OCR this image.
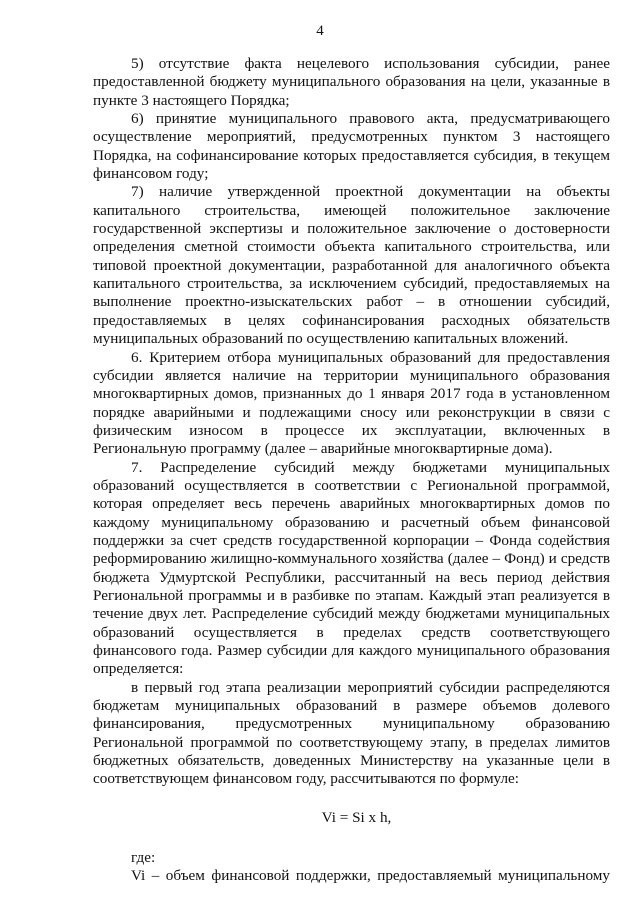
4

5) отсутствие факта нецелевого использования субсидии, ранее предоставленной бюджету муниципального образования на цели, указанные в пункте 3 настоящего Порядка;

6) принятие муниципального правового акта, предусматривающего осуществление мероприятий, предусмотренных пунктом 3 настоящего Порядка, на софинансирование которых предоставляется субсидия, в текущем финансовом году;

7) наличие утвержденной проектной документации на объекты капитального строительства, имеющей положительное заключение государственной экспертизы и положительное заключение о достоверности определения сметной стоимости объекта капитального строительства, или типовой проектной документации, разработанной для аналогичного объекта капитального строительства, за исключением субсидий, предоставляемых на выполнение проектно-изыскательских работ – в отношении субсидий, предоставляемых в целях софинансирования расходных обязательств муниципальных образований по осуществлению капитальных вложений.

6. Критерием отбора муниципальных образований для предоставления субсидии является наличие на территории муниципального образования многоквартирных домов, признанных до 1 января 2017 года в установленном порядке аварийными и подлежащими сносу или реконструкции в связи с физическим износом в процессе их эксплуатации, включенных в Региональную программу (далее – аварийные многоквартирные дома).

7. Распределение субсидий между бюджетами муниципальных образований осуществляется в соответствии с Региональной программой, которая определяет весь перечень аварийных многоквартирных домов по каждому муниципальному образованию и расчетный объем финансовой поддержки за счет средств государственной корпорации – Фонда содействия реформированию жилищно-коммунального хозяйства (далее – Фонд) и средств бюджета Удмуртской Республики, рассчитанный на весь период действия Региональной программы и в разбивке по этапам. Каждый этап реализуется в течение двух лет. Распределение субсидий между бюджетами муниципальных образований осуществляется в пределах средств соответствующего финансового года. Размер субсидии для каждого муниципального образования определяется:

в первый год этапа реализации мероприятий субсидии распределяются бюджетам муниципальных образований в размере объемов долевого финансирования, предусмотренных муниципальному образованию Региональной программой по соответствующему этапу, в пределах лимитов бюджетных обязательств, доведенных Министерству на указанные цели в соответствующем финансовом году, рассчитываются по формуле:

Vi = Si x h,

где:

Vi – объем финансовой поддержки, предоставляемый муниципальному
